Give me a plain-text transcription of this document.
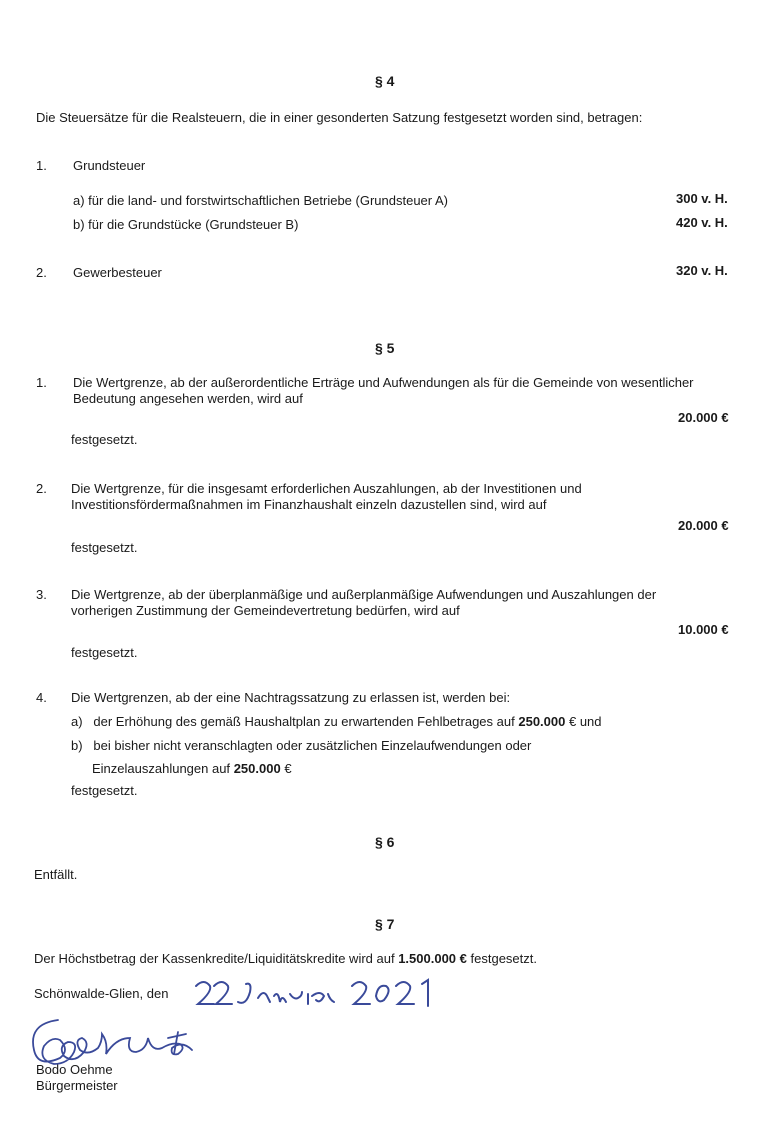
§ 4
Die Steuersätze für die Realsteuern, die in einer gesonderten Satzung festgesetzt worden sind, betragen:
1. Grundsteuer
a) für die land- und forstwirtschaftlichen Betriebe (Grundsteuer A)	300 v. H.
b) für die Grundstücke (Grundsteuer B)	420 v. H.
2. Gewerbesteuer	320 v. H.
§ 5
1. Die Wertgrenze, ab der außerordentliche Erträge und Aufwendungen als für die Gemeinde von wesentlicher
Bedeutung angesehen werden, wird auf
20.000 €
festgesetzt.
2. Die Wertgrenze, für die insgesamt erforderlichen Auszahlungen, ab der Investitionen und
Investitionsfördermaßnahmen im Finanzhaushalt einzeln dazustellen sind, wird auf
20.000 €
festgesetzt.
3. Die Wertgrenze, ab der überplanmäßige und außerplanmäßige Aufwendungen und Auszahlungen der
vorherigen Zustimmung der Gemeindevertretung bedürfen, wird auf
10.000 €
festgesetzt.
4. Die Wertgrenzen, ab der eine Nachtragssatzung zu erlassen ist, werden bei:
a) der Erhöhung des gemäß Haushaltplan zu erwartenden Fehlbetrages auf 250.000 € und
b) bei bisher nicht veranschlagten oder zusätzlichen Einzelaufwendungen oder
Einzelauszahlungen auf 250.000 €
festgesetzt.
§ 6
Entfällt.
§ 7
Der Höchstbetrag der Kassenkredite/Liquiditätskredite wird auf 1.500.000 € festgesetzt.
Schönwalde-Glien, den
Bodo Oehme
Bürgermeister
